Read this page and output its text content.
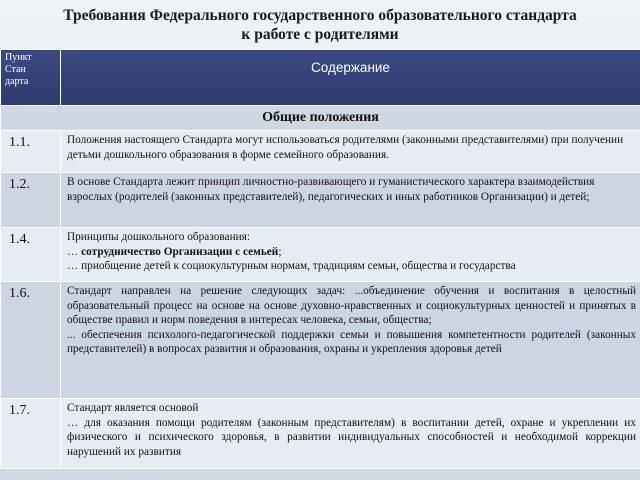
Требования Федерального государственного образовательного стандарта
к работе с родителями
Пункт
Стан
дарта	Содержание
Общие положения	
1.1.	Положения настоящего Стандарта могут использоваться родителями (законными представителями) при получении детьми дошкольного образования в форме семейного образования.

1.2.	В основе Стандарта лежит принцип личностно-развивающего и гуманистического характера взаимодействия взрослых (родителей (законных представителей), педагогических и иных работников Организации) и детей;

1.4.	Принципы дошкольного образования:

… сотрудничество Организации с семьей;

… приобщение детей к социокультурным нормам, традициям семьи, общества и государства

1.6.	Стандарт направлен на решение следующих задач: ...объединение обучения и воспитания в целостный образовательный процесс на основе на основе духовно-нравственных и социокультурных ценностей и принятых в обществе правил и норм поведения в интересах человека, семьи, общества;

... обеспечения психолого-педагогической поддержки семьи и повышения компетентности родителей (законных представителей) в вопросах развития и образования, охраны и укрепления здоровья детей

1.7.	Стандарт является основой

… для оказания помощи родителям (законным представителям) в воспитании детей, охране и укреплении их физического и психического здоровья, в развитии индивидуальных способностей и необходимой коррекции нарушений их развития
